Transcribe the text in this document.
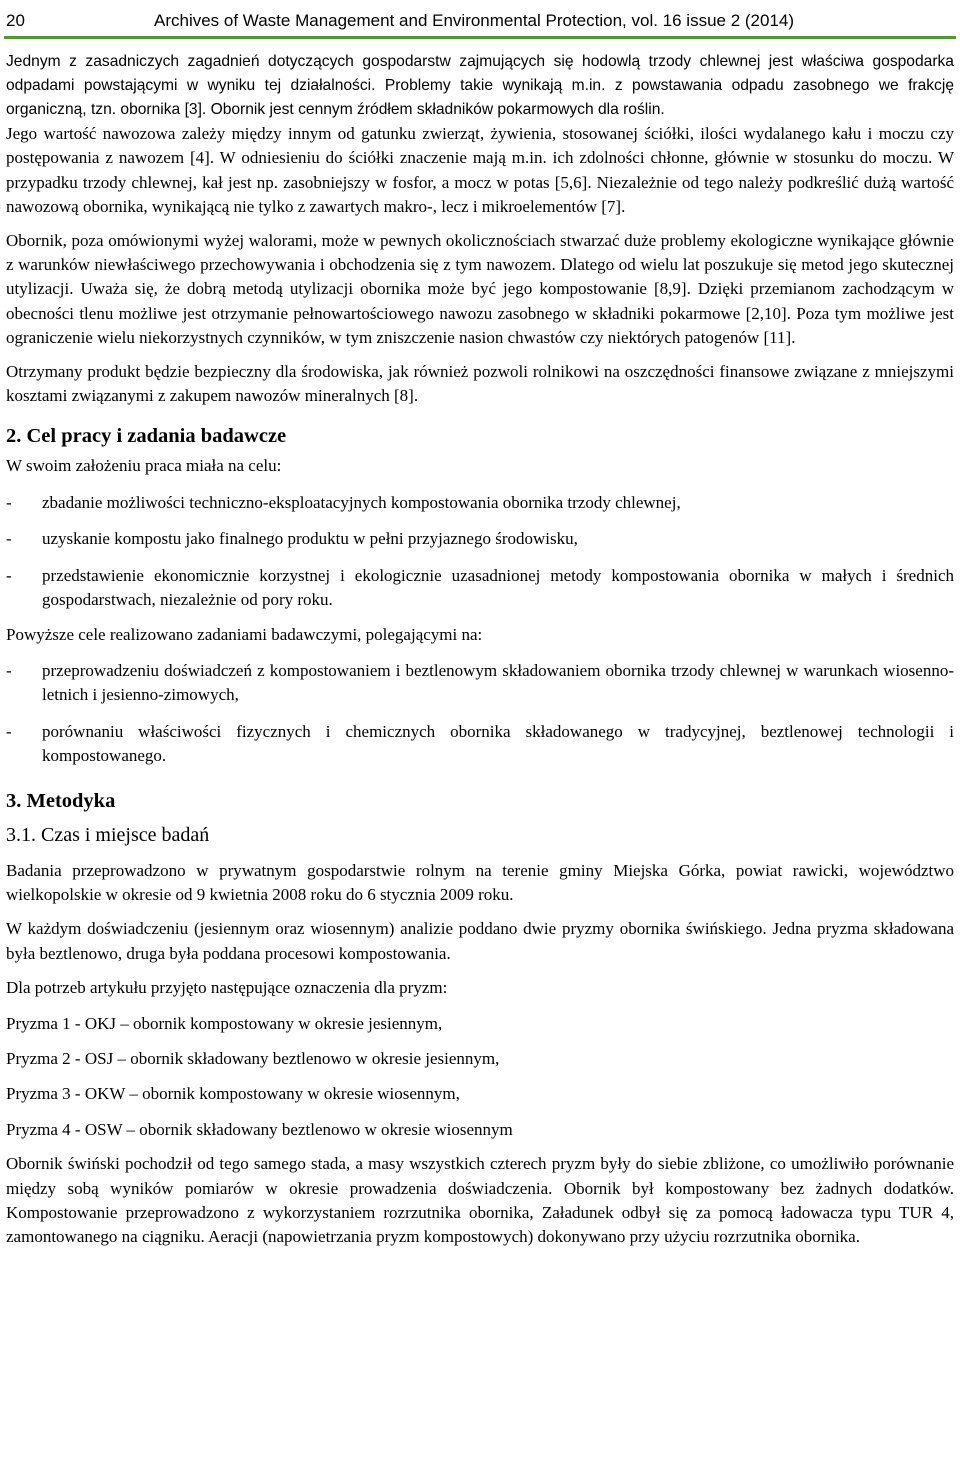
20	Archives of Waste Management and Environmental Protection, vol. 16 issue 2 (2014)

Jednym z zasadniczych zagadnień dotyczących gospodarstw zajmujących się hodowlą trzody chlewnej jest właściwa gospodarka odpadami powstającymi w wyniku tej działalności. Problemy takie wynikają m.in. z powstawania odpadu zasobnego we frakcję organiczną, tzn. obornika [3]. Obornik jest cennym źródłem składników pokarmowych dla roślin.

Jego wartość nawozowa zależy między innym od gatunku zwierząt, żywienia, stosowanej ściółki, ilości wydalanego kału i moczu czy postępowania z nawozem [4]. W odniesieniu do ściółki znaczenie mają m.in. ich zdolności chłonne, głównie w stosunku do moczu. W przypadku trzody chlewnej, kał jest np. zasobniejszy w fosfor, a mocz w potas [5,6]. Niezależnie od tego należy podkreślić dużą wartość nawozową obornika, wynikającą nie tylko z zawartych makro-, lecz i mikroelementów [7].

Obornik, poza omówionymi wyżej walorami, może w pewnych okolicznościach stwarzać duże problemy ekologiczne wynikające głównie z warunków niewłaściwego przechowywania i obchodzenia się z tym nawozem. Dlatego od wielu lat poszukuje się metod jego skutecznej utylizacji. Uważa się, że dobrą metodą utylizacji obornika może być jego kompostowanie [8,9]. Dzięki przemianom zachodzącym w obecności tlenu możliwe jest otrzymanie pełnowartościowego nawozu zasobnego w składniki pokarmowe [2,10]. Poza tym możliwe jest ograniczenie wielu niekorzystnych czynników, w tym zniszczenie nasion chwastów czy niektórych patogenów [11].

Otrzymany produkt będzie bezpieczny dla środowiska, jak również pozwoli rolnikowi na oszczędności finansowe związane z mniejszymi kosztami związanymi z zakupem nawozów mineralnych [8].

2. Cel pracy i zadania badawcze

W swoim założeniu praca miała na celu:

- zbadanie możliwości techniczno-eksploatacyjnych kompostowania obornika trzody chlewnej,
- uzyskanie kompostu jako finalnego produktu w pełni przyjaznego środowisku,
- przedstawienie ekonomicznie korzystnej i ekologicznie uzasadnionej metody kompostowania obornika w małych i średnich gospodarstwach, niezależnie od pory roku.

Powyższe cele realizowano zadaniami badawczymi, polegającymi na:

- przeprowadzeniu doświadczeń z kompostowaniem i beztlenowym składowaniem obornika trzody chlewnej w warunkach wiosenno-letnich i jesienno-zimowych,
- porównaniu właściwości fizycznych i chemicznych obornika składowanego w tradycyjnej, beztlenowej technologii i kompostowanego.
3. Metodyka
3.1. Czas i miejsce badań

Badania przeprowadzono w prywatnym gospodarstwie rolnym na terenie gminy Miejska Górka, powiat rawicki, województwo wielkopolskie w okresie od 9 kwietnia 2008 roku do 6 stycznia 2009 roku.

W każdym doświadczeniu (jesiennym oraz wiosennym) analizie poddano dwie pryzmy obornika świńskiego. Jedna pryzma składowana była beztlenowo, druga była poddana procesowi kompostowania.

Dla potrzeb artykułu przyjęto następujące oznaczenia dla pryzm:

Pryzma 1 - OKJ – obornik kompostowany w okresie jesiennym,

Pryzma 2 - OSJ – obornik składowany beztlenowo w okresie jesiennym,

Pryzma 3 - OKW – obornik kompostowany w okresie wiosennym,

Pryzma 4 - OSW – obornik składowany beztlenowo w okresie wiosennym

Obornik świński pochodził od tego samego stada, a masy wszystkich czterech pryzm były do siebie zbliżone, co umożliwiło porównanie między sobą wyników pomiarów w okresie prowadzenia doświadczenia. Obornik był kompostowany bez żadnych dodatków. Kompostowanie przeprowadzono z wykorzystaniem rozrzutnika obornika, Załadunek odbył się za pomocą ładowacza typu TUR 4, zamontowanego na ciągniku. Aeracji (napowietrzania pryzm kompostowych) dokonywano przy użyciu rozrzutnika obornika.
